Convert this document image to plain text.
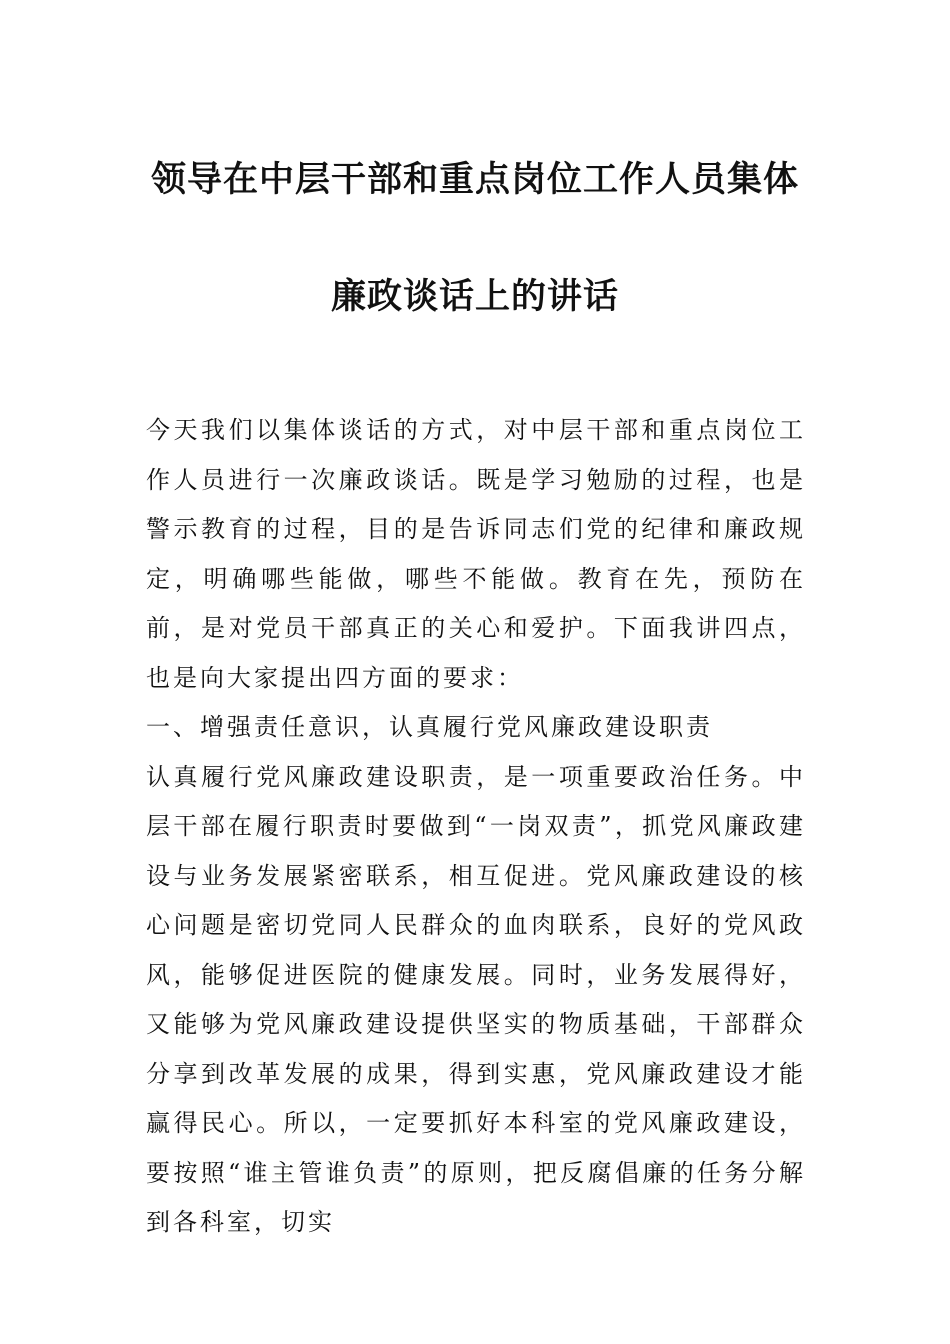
领导在中层干部和重点岗位工作人员集体
廉政谈话上的讲话

今天我们以集体谈话的方式，对中层干部和重点岗位工作人员进行一次廉政谈话。既是学习勉励的过程，也是警示教育的过程，目的是告诉同志们党的纪律和廉政规定，明确哪些能做，哪些不能做。教育在先，预防在前，是对党员干部真正的关心和爱护。下面我讲四点，也是向大家提出四方面的要求：

一、增强责任意识，认真履行党风廉政建设职责

认真履行党风廉政建设职责，是一项重要政治任务。中层干部在履行职责时要做到“一岗双责”，抓党风廉政建设与业务发展紧密联系，相互促进。党风廉政建设的核心问题是密切党同人民群众的血肉联系，良好的党风政风，能够促进医院的健康发展。同时，业务发展得好，又能够为党风廉政建设提供坚实的物质基础，干部群众分享到改革发展的成果，得到实惠，党风廉政建设才能赢得民心。所以，一定要抓好本科室的党风廉政建设，要按照“谁主管谁负责”的原则，把反腐倡廉的任务分解到各科室，切实
